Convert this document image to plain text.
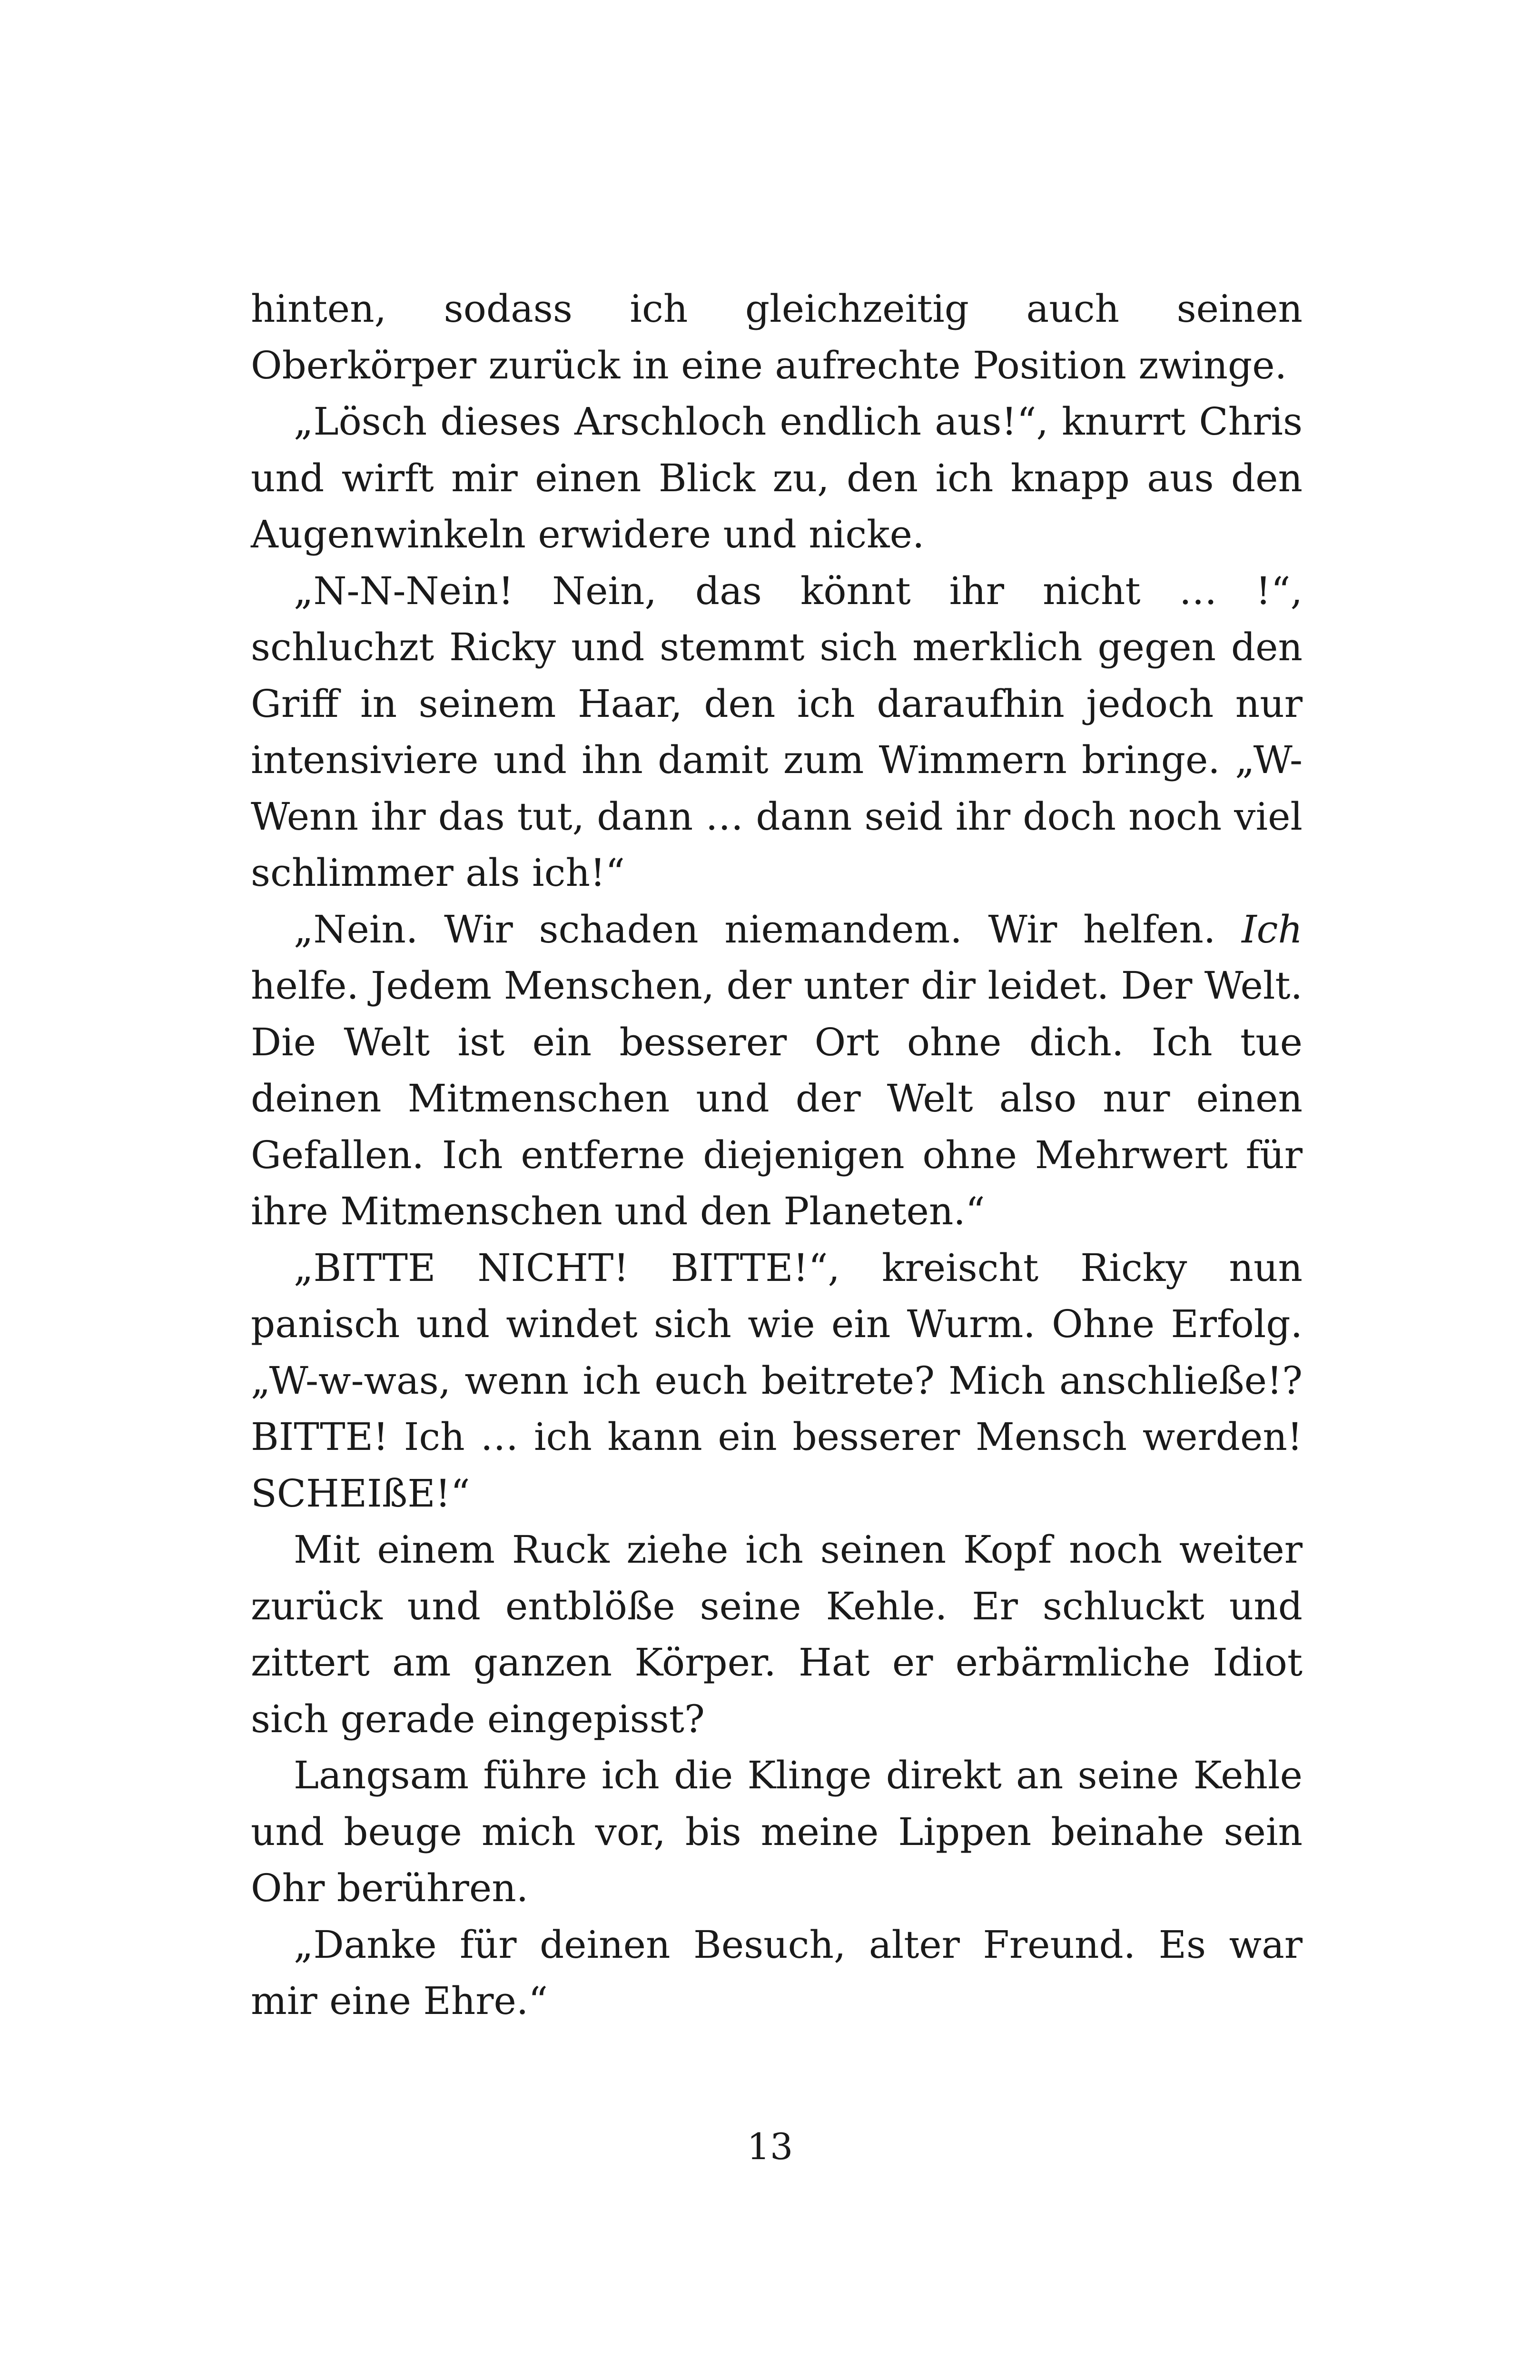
hinten, sodass ich gleichzeitig auch seinen Oberkörper zurück in eine aufrechte Position zwinge.

„Lösch dieses Arschloch endlich aus!“, knurrt Chris und wirft mir einen Blick zu, den ich knapp aus den Augenwinkeln erwidere und nicke.

„N-N-Nein! Nein, das könnt ihr nicht … !“, schluchzt Ricky und stemmt sich merklich gegen den Griff in seinem Haar, den ich daraufhin jedoch nur intensiviere und ihn damit zum Wimmern bringe. „W-Wenn ihr das tut, dann … dann seid ihr doch noch viel schlimmer als ich!“

„Nein. Wir schaden niemandem. Wir helfen. Ich helfe. Jedem Menschen, der unter dir leidet. Der Welt. Die Welt ist ein besserer Ort ohne dich. Ich tue deinen Mitmenschen und der Welt also nur einen Gefallen. Ich entferne diejenigen ohne Mehrwert für ihre Mitmenschen und den Planeten.“

„BITTE NICHT! BITTE!“, kreischt Ricky nun panisch und windet sich wie ein Wurm. Ohne Erfolg. „W-w-was, wenn ich euch beitrete? Mich anschließe!? BITTE! Ich … ich kann ein besserer Mensch werden! SCHEIßE!“

Mit einem Ruck ziehe ich seinen Kopf noch weiter zurück und entblöße seine Kehle. Er schluckt und zittert am ganzen Körper. Hat er erbärmliche Idiot sich gerade eingepisst?

Langsam führe ich die Klinge direkt an seine Kehle und beuge mich vor, bis meine Lippen beinahe sein Ohr berühren.

„Danke für deinen Besuch, alter Freund. Es war mir eine Ehre.“

13
